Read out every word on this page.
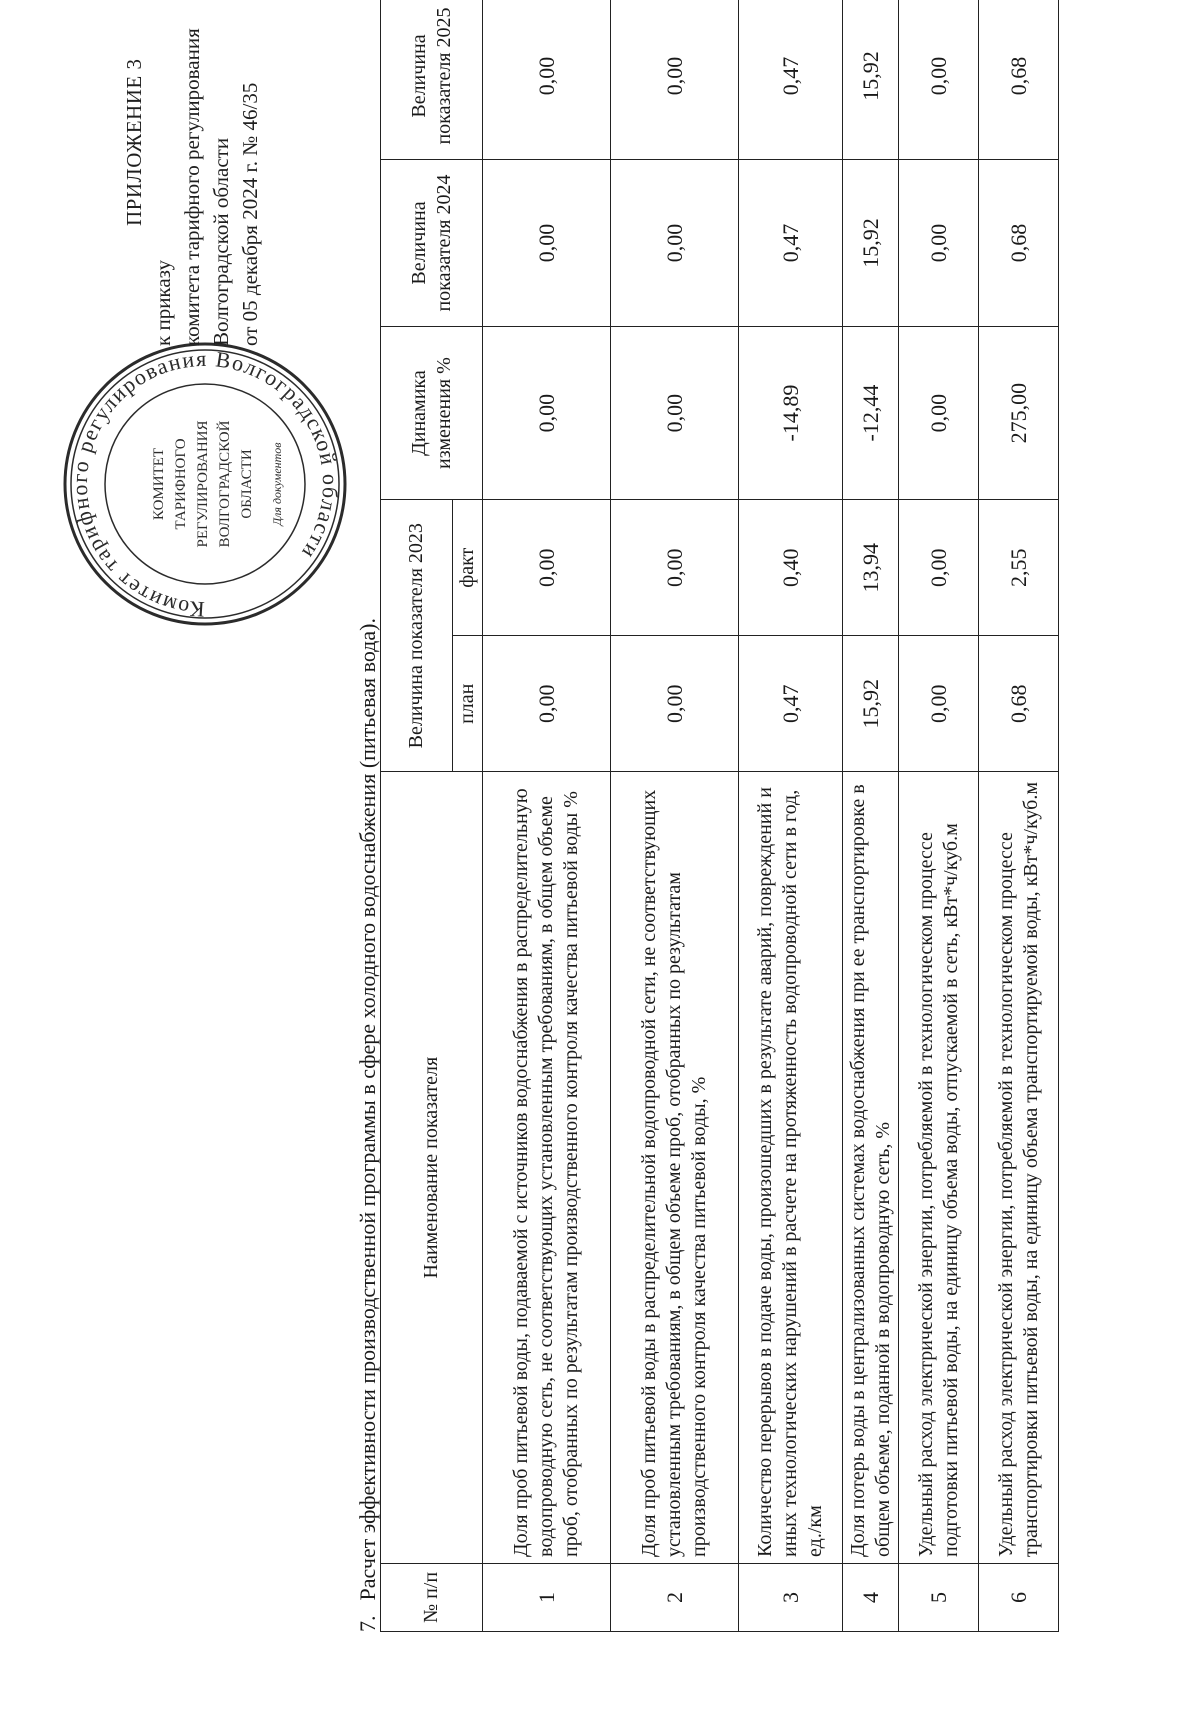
Комитет тарифного регулирования Волгоградской области
КОМИТЕТ ТАРИФНОГО РЕГУЛИРОВАНИЯ ВОЛГОГРАДСКОЙ ОБЛАСТИ Для документов
ПРИЛОЖЕНИЕ 3
к приказу комитета тарифного регулирования Волгоградской области от 05 декабря 2024 г. № 46/35
7. Расчет эффективности производственной программы в сфере холодного водоснабжения (питьевая вода). № п/п	Наименование показателя	Величина показателя 2023		Динамика изменения %	Величина показателя 2024	Величина показателя 2025
		план	факт			
1	Доля проб питьевой воды, подаваемой с источников водоснабжения в распределительную водопроводную сеть, не соответствующих установленным требованиям, в общем объеме проб, отобранных по результатам производственного контроля качества питьевой воды %	0,00	0,00	0,00	0,00	0,00
2	Доля проб питьевой воды в распределительной водопроводной сети, не соответствующих установленным требованиям, в общем объеме проб, отобранных по результатам производственного контроля качества питьевой воды, %	0,00	0,00	0,00	0,00	0,00
3	Количество перерывов в подаче воды, произошедших в результате аварий, повреждений и иных технологических нарушений в расчете на протяженность водопроводной сети в год, ед./км	0,47	0,40	-14,89	0,47	0,47
4	Доля потерь воды в централизованных системах водоснабжения при ее транспортировке в общем объеме, поданной в водопроводную сеть, %	15,92	13,94	-12,44	15,92	15,92
5	Удельный расход электрической энергии, потребляемой в технологическом процессе подготовки питьевой воды, на единицу объема воды, отпускаемой в сеть, кВт*ч/куб.м	0,00	0,00	0,00	0,00	0,00
6	Удельный расход электрической энергии, потребляемой в технологическом процессе транспортировки питьевой воды, на единицу объема транспортируемой воды, кВт*ч/куб.м	0,68	2,55	275,00	0,68	0,68
